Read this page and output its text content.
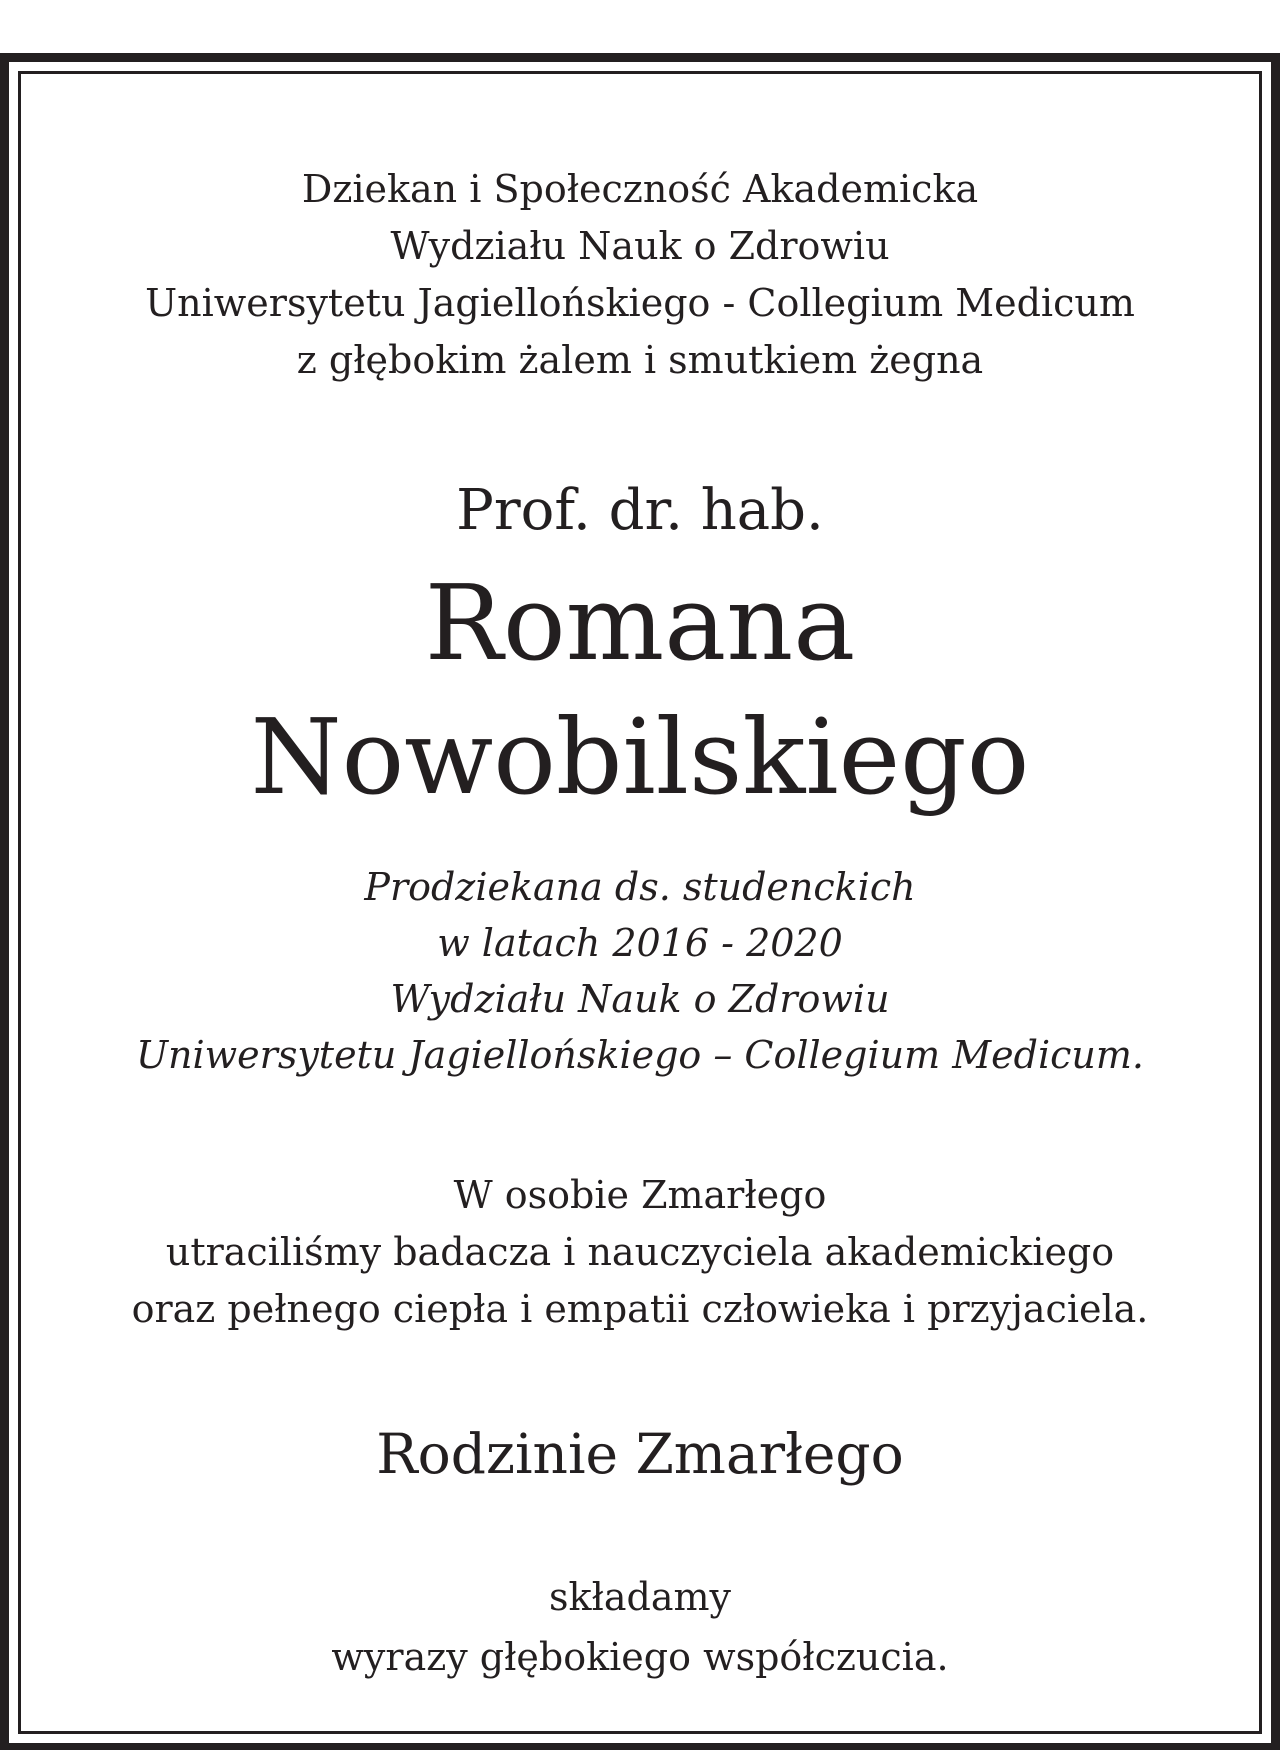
Dziekan i Społeczność Akademicka
Wydziału Nauk o Zdrowiu
Uniwersytetu Jagiellońskiego - Collegium Medicum
z głębokim żalem i smutkiem żegna
Prof. dr. hab.
Romana
Nowobilskiego
Prodziekana ds. studenckich
w latach 2016 - 2020
Wydziału Nauk o Zdrowiu
Uniwersytetu Jagiellońskiego – Collegium Medicum.
W osobie Zmarłego
utraciliśmy badacza i nauczyciela akademickiego
oraz pełnego ciepła i empatii człowieka i przyjaciela.
Rodzinie Zmarłego
składamy
wyrazy głębokiego współczucia.
